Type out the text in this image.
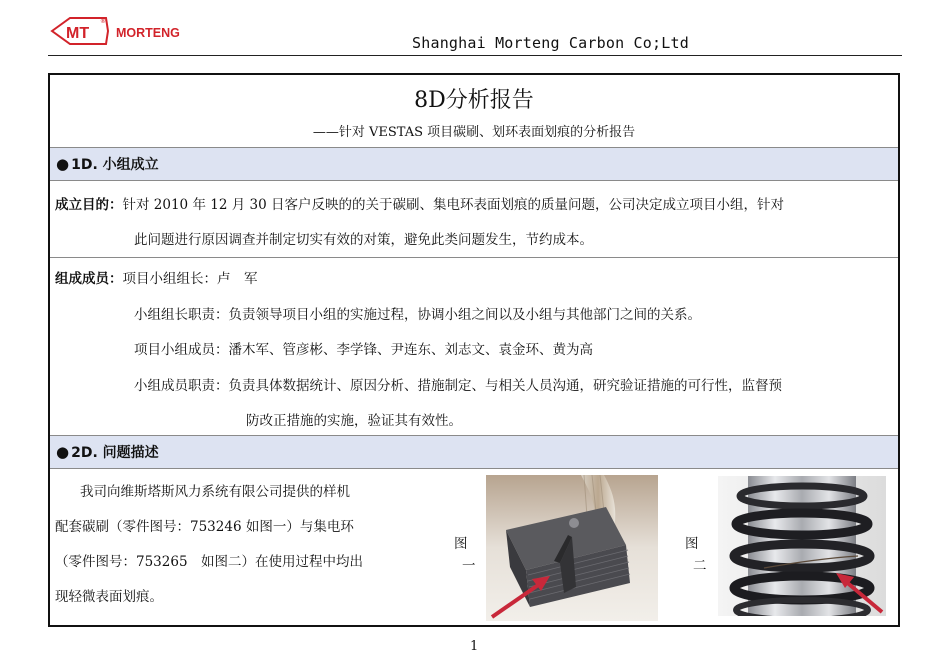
MT
®
MORTENG
Shanghai Morteng Carbon Co;Ltd
8D分析报告
——针对 VESTAS 项目碳刷、划环表面划痕的分析报告
● 1D. 小组成立
成立目的：针对 2010 年 12 月 30 日客户反映的的关于碳刷、集电环表面划痕的质量问题，公司决定成立项目小组，针对
此问题进行原因调查并制定切实有效的对策，避免此类问题发生，节约成本。
组成成员：项目小组组长：卢　军
小组组长职责：负责领导项目小组的实施过程，协调小组之间以及小组与其他部门之间的关系。
项目小组成员：潘木军、管彦彬、李学锋、尹连东、刘志文、袁金环、黄为高
小组成员职责：负责具体数据统计、原因分析、措施制定、与相关人员沟通，研究验证措施的可行性，监督预
防改正措施的实施，验证其有效性。
● 2D. 问题描述
我司向维斯塔斯风力系统有限公司提供的样机
配套碳刷（零件图号：753246 如图一）与集电环
（零件图号：753265　如图二）在使用过程中均出
现轻微表面划痕。
图
一
图
二
1
